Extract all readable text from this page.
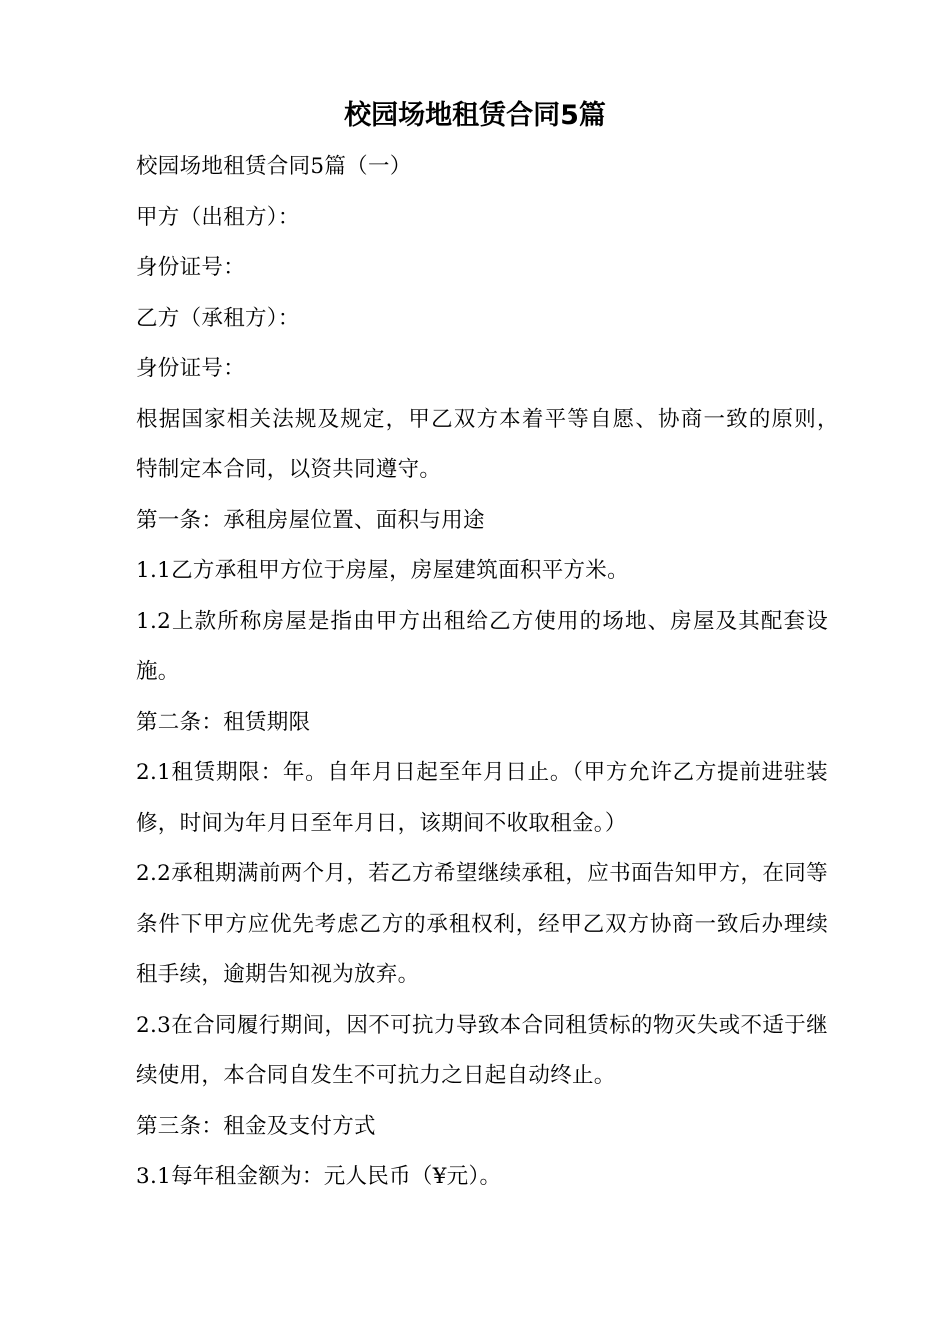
校园场地租赁合同5篇

校园场地租赁合同5篇（一）

甲方（出租方）：

身份证号：

乙方（承租方）：

身份证号：

根据国家相关法规及规定，甲乙双方本着平等自愿、协商一致的原则，　特制定本合同，以资共同遵守。

第一条：承租房屋位置、面积与用途

1.1乙方承租甲方位于房屋，房屋建筑面积平方米。

1.2上款所称房屋是指由甲方出租给乙方使用的场地、房屋及其配套设施。

第二条：租赁期限

2.1租赁期限：年。自年月日起至年月日止。（甲方允许乙方提前进驻装修，时间为年月日至年月日，该期间不收取租金。）

2.2承租期满前两个月，若乙方希望继续承租，应书面告知甲方，在同等条件下甲方应优先考虑乙方的承租权利，经甲乙双方协商一致后办理续租手续，逾期告知视为放弃。

2.3在合同履行期间，因不可抗力导致本合同租赁标的物灭失或不适于继续使用，本合同自发生不可抗力之日起自动终止。

第三条：租金及支付方式

3.1每年租金额为：元人民币（¥元）。
